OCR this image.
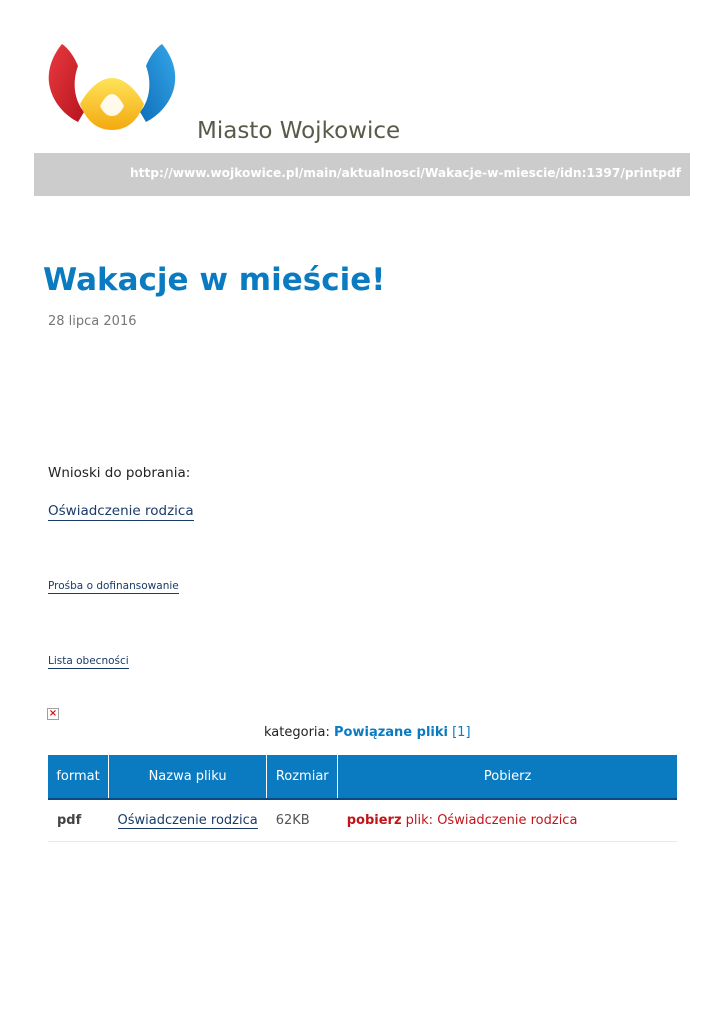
Miasto Wojkowice
http://www.wojkowice.pl/main/aktualnosci/Wakacje-w-miescie/idn:1397/printpdf
Wakacje w mieście!
28 lipca 2016
Wnioski do pobrania:
Oświadczenie rodzica
Prośba o dofinansowanie
Lista obecności
×
kategoria: Powiązane pliki [1]
format	Nazwa pliku	Rozmiar	Pobierz
pdf	Oświadczenie rodzica	62KB	pobierz plik: Oświadczenie rodzica
